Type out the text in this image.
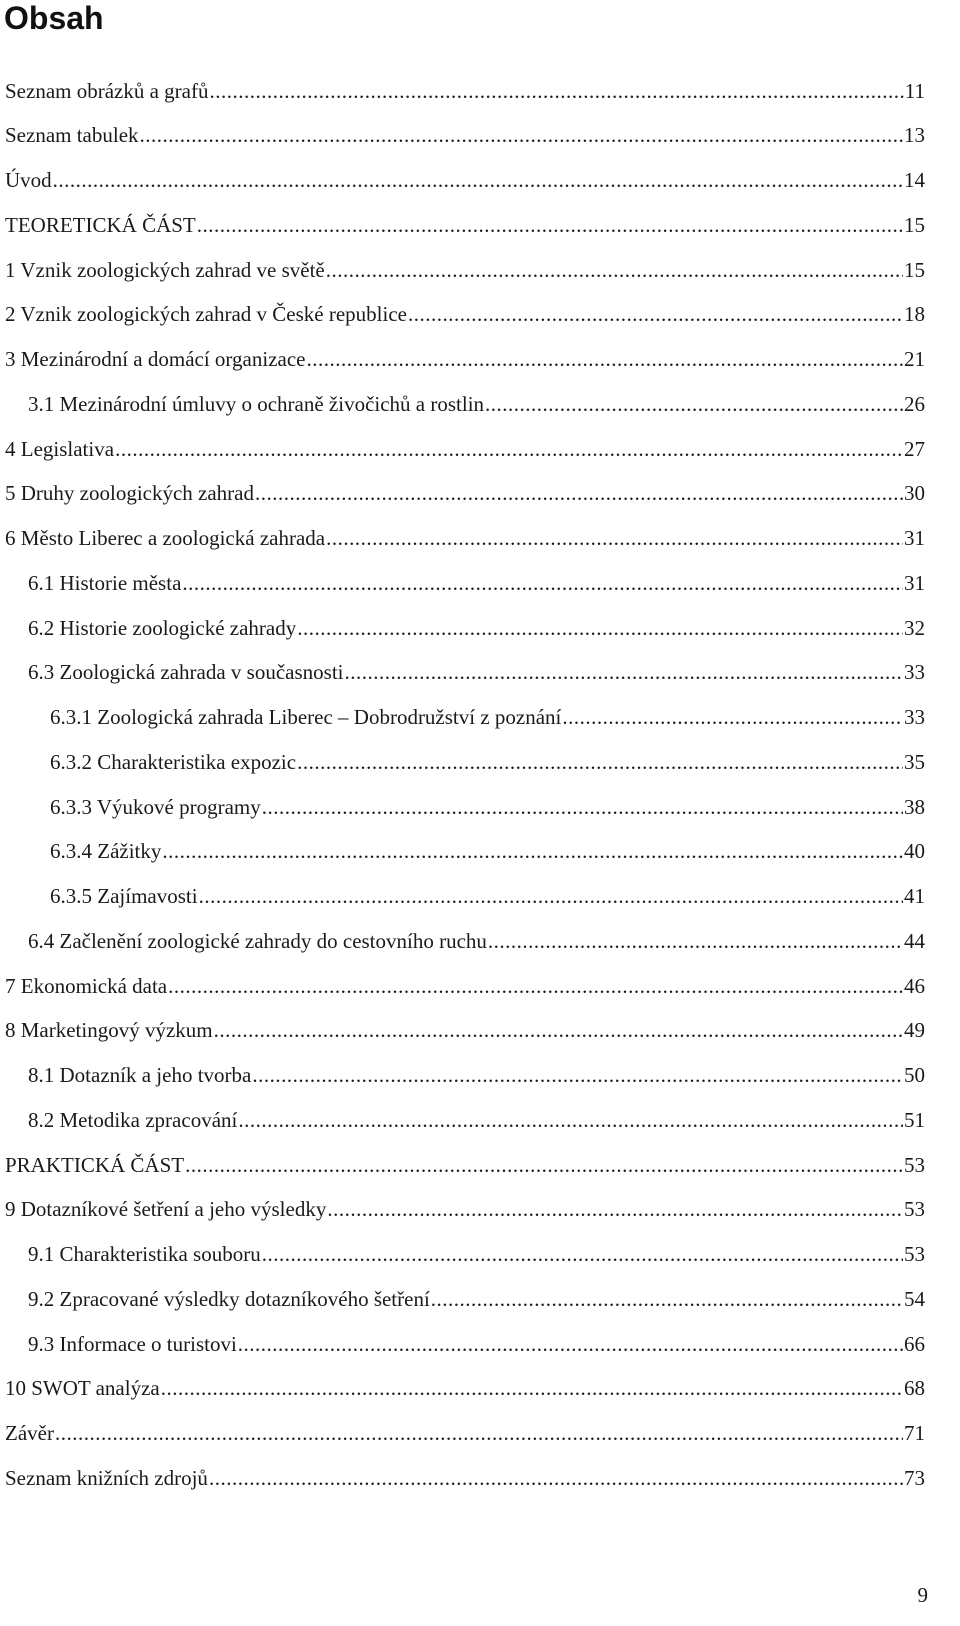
Obsah
Seznam obrázků a grafů .....	11
Seznam tabulek .....	13
Úvod .....	14
TEORETICKÁ ČÁST .....	15
1 Vznik zoologických zahrad ve světě .....	15
2 Vznik zoologických zahrad v České republice .....	18
3 Mezinárodní a domácí organizace .....	21
3.1 Mezinárodní úmluvy o ochraně živočichů a rostlin .....	26
4 Legislativa .....	27
5 Druhy zoologických zahrad .....	30
6 Město Liberec a zoologická zahrada .....	31
6.1 Historie města .....	31
6.2 Historie zoologické zahrady .....	32
6.3 Zoologická zahrada v současnosti .....	33
6.3.1 Zoologická zahrada Liberec – Dobrodružství z poznání .....	33
6.3.2 Charakteristika expozic .....	35
6.3.3 Výukové programy .....	38
6.3.4 Zážitky .....	40
6.3.5 Zajímavosti .....	41
6.4 Začlenění zoologické zahrady do cestovního ruchu .....	44
7 Ekonomická data .....	46
8 Marketingový výzkum .....	49
8.1 Dotazník a jeho tvorba .....	50
8.2 Metodika zpracování .....	51
PRAKTICKÁ ČÁST .....	53
9 Dotazníkové šetření a jeho výsledky .....	53
9.1 Charakteristika souboru .....	53
9.2 Zpracované výsledky dotazníkového šetření .....	54
9.3 Informace o turistovi .....	66
10 SWOT analýza .....	68
Závěr .....	71
Seznam knižních zdrojů .....	73
9
